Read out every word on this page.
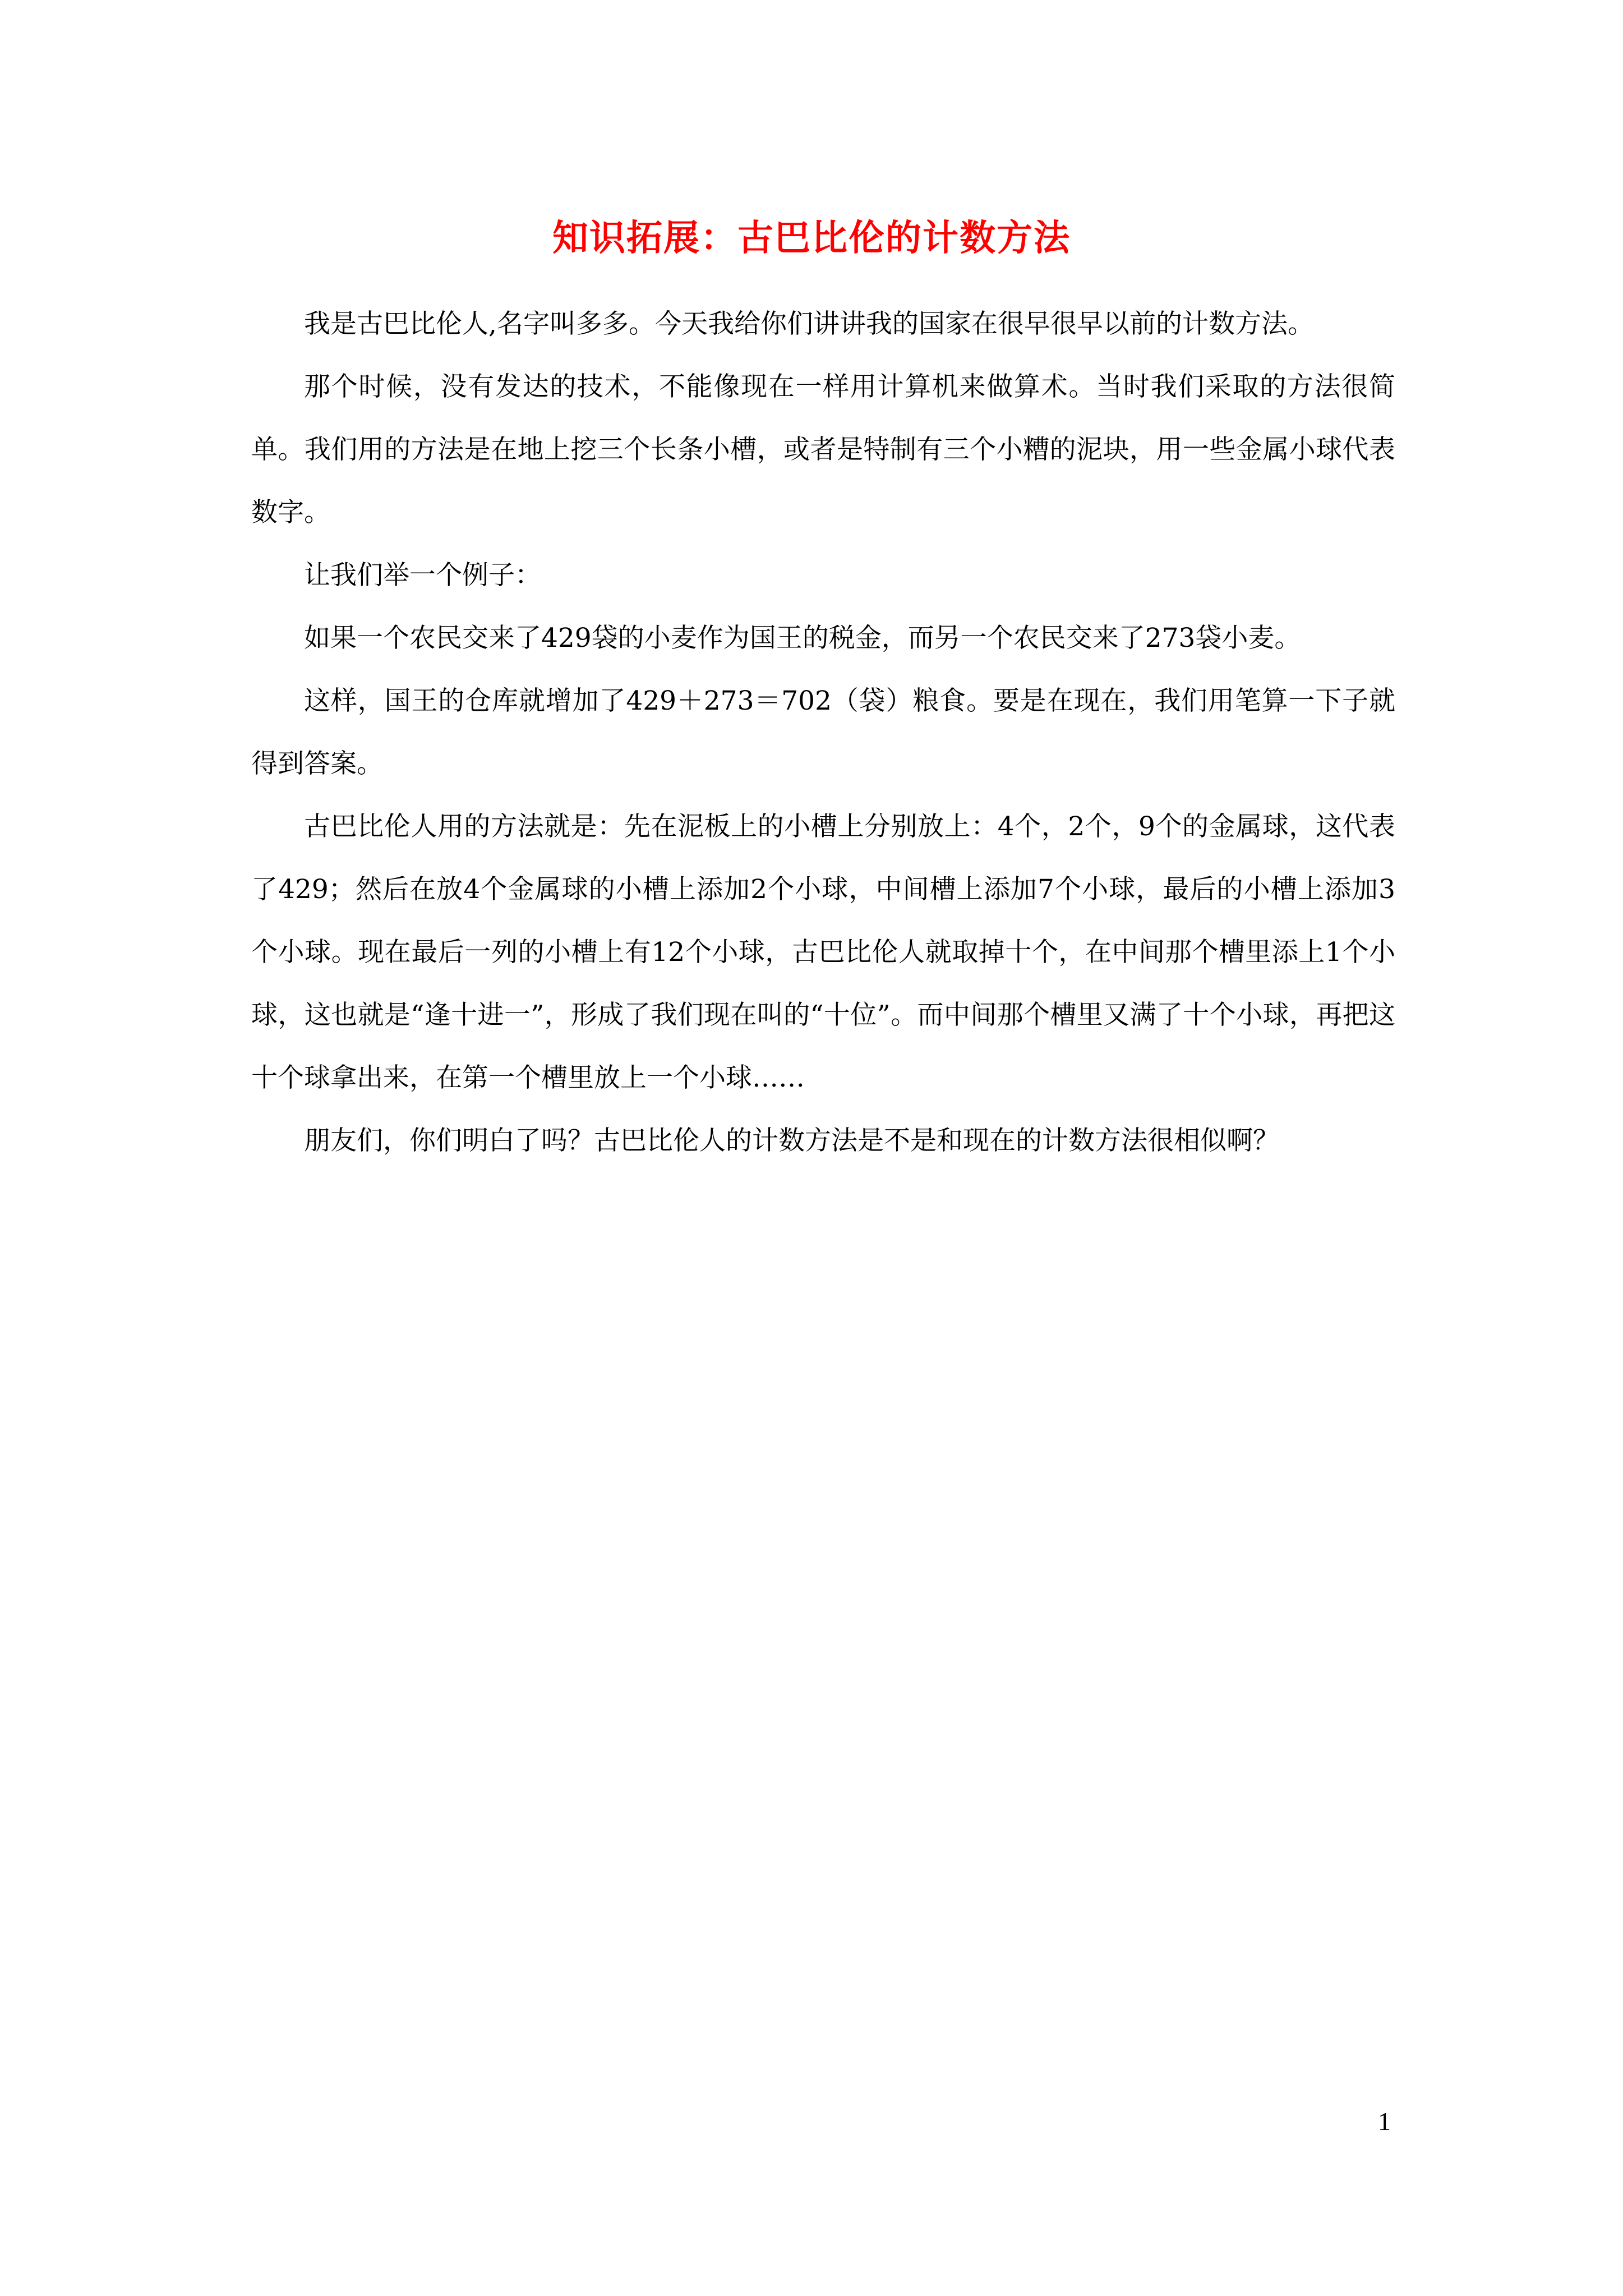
知识拓展：古巴比伦的计数方法

我是古巴比伦人,名字叫多多。今天我给你们讲讲我的国家在很早很早以前的计数方法。

那个时候，没有发达的技术，不能像现在一样用计算机来做算术。当时我们采取的方法很简单。我们用的方法是在地上挖三个长条小槽，或者是特制有三个小糟的泥块，用一些金属小球代表数字。

让我们举一个例子：

如果一个农民交来了429袋的小麦作为国王的税金，而另一个农民交来了273袋小麦。

这样，国王的仓库就增加了429＋273＝702（袋）粮食。要是在现在，我们用笔算一下子就得到答案。

古巴比伦人用的方法就是：先在泥板上的小槽上分别放上：4个，2个，9个的金属球，这代表了429；然后在放4个金属球的小槽上添加2个小球，中间槽上添加7个小球，最后的小槽上添加3个小球。现在最后一列的小槽上有12个小球，古巴比伦人就取掉十个，在中间那个槽里添上1个小球，这也就是“逢十进一”，形成了我们现在叫的“十位”。而中间那个槽里又满了十个小球，再把这十个球拿出来，在第一个槽里放上一个小球……

朋友们，你们明白了吗？古巴比伦人的计数方法是不是和现在的计数方法很相似啊？

1
